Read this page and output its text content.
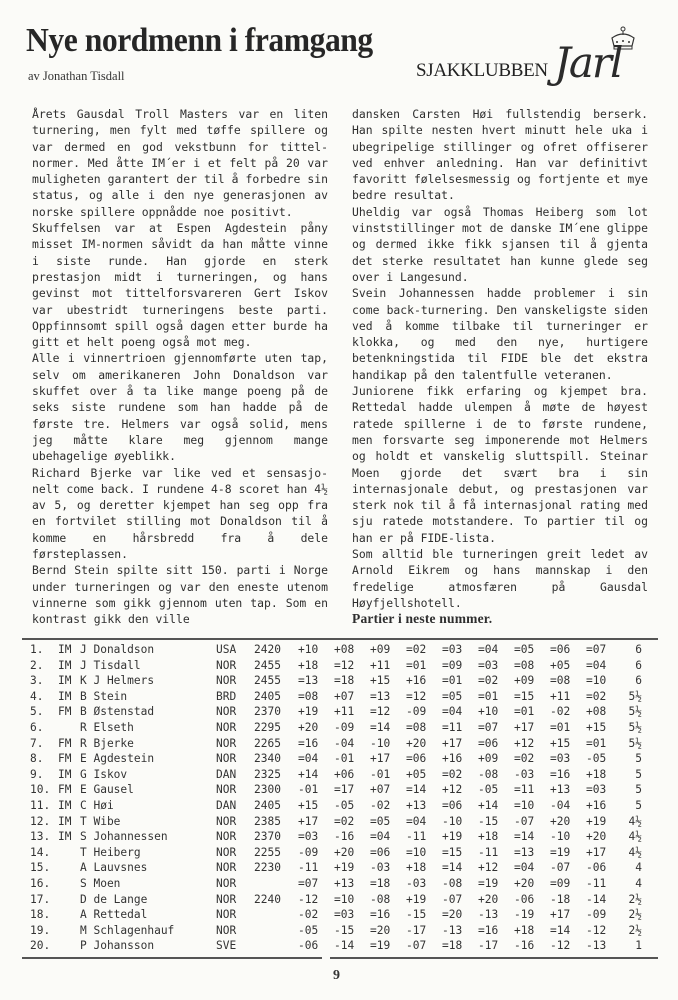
Nye nordmenn i framgang
av Jonathan Tisdall	SJAKKLUBBEN Jarl

Årets Gausdal Troll Masters var en liten turnering, men fylt med tøffe spillere og var dermed en god vekstbunn for tittel-normer. Med åtte IM´er i et felt på 20 var muligheten garantert der til å forbedre sin status, og alle i den nye generasjonen av norske spillere oppnådde noe positivt.

Skuffelsen var at Espen Agdestein påny misset IM-normen såvidt da han måtte vinne i siste runde. Han gjorde en sterk prestasjon midt i turneringen, og hans gevinst mot tittelforsvareren Gert Iskov var ubestridt turneringens beste parti. Oppfinnsomt spill også dagen etter burde ha gitt et helt poeng også mot meg.

Alle i vinnertrioen gjennomførte uten tap, selv om amerikaneren John Donaldson var skuffet over å ta like mange poeng på de seks siste rundene som han hadde på de første tre. Helmers var også solid, mens jeg måtte klare meg gjennom mange ubehagelige øyeblikk.

Richard Bjerke var like ved et sensasjo-nelt come back. I rundene 4-8 scoret han 4½ av 5, og deretter kjempet han seg opp fra en fortvilet stilling mot Donaldson til å komme en hårsbredd fra å dele førsteplassen.

Bernd Stein spilte sitt 150. parti i Norge under turneringen og var den eneste utenom vinnerne som gikk gjennom uten tap. Som en kontrast gikk den ville

dansken Carsten Høi fullstendig berserk. Han spilte nesten hvert minutt hele uka i ubegripelige stillinger og ofret offiserer ved enhver anledning. Han var definitivt favoritt følelsesmessig og fortjente et mye bedre resultat.

Uheldig var også Thomas Heiberg som lot vinststillinger mot de danske IM´ene glippe og dermed ikke fikk sjansen til å gjenta det sterke resultatet han kunne glede seg over i Langesund.

Svein Johannessen hadde problemer i sin come back-turnering. Den vanskeligste siden ved å komme tilbake til turneringer er klokka, og med den nye, hurtigere betenkningstida til FIDE ble det ekstra handikap på den talentfulle veteranen.

Juniorene fikk erfaring og kjempet bra. Rettedal hadde ulempen å møte de høyest ratede spillerne i de to første rundene, men forsvarte seg imponerende mot Helmers og holdt et vanskelig sluttspill. Steinar Moen gjorde det svært bra i sin internasjonale debut, og prestasjonen var sterk nok til å få internasjonal rating med sju ratede motstandere. To partier til og han er på FIDE-lista.

Som alltid ble turneringen greit ledet av Arnold Eikrem og hans mannskap i den fredelige atmosfæren på Gausdal Høyfjellshotell.

Partier i neste nummer.

1.	IM	J Donaldson	USA	2420	+10	+08	+09	=02	=03	=04	=05	=06	=07	6
2.	IM	J Tisdall	NOR	2455	+18	=12	+11	=01	=09	=03	=08	+05	=04	6
3.	IM	K J Helmers	NOR	2455	=13	=18	+15	+16	=01	=02	+09	=08	=10	6
4.	IM	B Stein	BRD	2405	=08	+07	=13	=12	=05	=01	=15	+11	=02	5½
5.	FM	B Østenstad	NOR	2370	+19	+11	=12	-09	=04	+10	=01	-02	+08	5½
6.		R Elseth	NOR	2295	+20	-09	=14	=08	=11	=07	+17	=01	+15	5½
7.	FM	R Bjerke	NOR	2265	=16	-04	-10	+20	+17	=06	+12	+15	=01	5½
8.	FM	E Agdestein	NOR	2340	=04	-01	+17	=06	+16	+09	=02	=03	-05	5
9.	IM	G Iskov	DAN	2325	+14	+06	-01	+05	=02	-08	-03	=16	+18	5
10.	FM	E Gausel	NOR	2300	-01	=17	+07	=14	+12	-05	=11	+13	=03	5
11.	IM	C Høi	DAN	2405	+15	-05	-02	+13	=06	+14	=10	-04	+16	5
12.	IM	T Wibe	NOR	2385	+17	=02	=05	=04	-10	-15	-07	+20	+19	4½
13.	IM	S Johannessen	NOR	2370	=03	-16	=04	-11	+19	+18	=14	-10	+20	4½
14.		T Heiberg	NOR	2255	-09	+20	=06	=10	=15	-11	=13	=19	+17	4½
15.		A Lauvsnes	NOR	2230	-11	+19	-03	+18	=14	+12	=04	-07	-06	4
16.		S Moen	NOR		=07	+13	=18	-03	-08	=19	+20	=09	-11	4
17.		D de Lange	NOR	2240	-12	=10	-08	+19	-07	+20	-06	-18	-14	2½
18.		A Rettedal	NOR		-02	=03	=16	-15	=20	-13	-19	+17	-09	2½
19.		M Schlagenhauf	NOR		-05	-15	=20	-17	-13	=16	+18	=14	-12	2½
20.		P Johansson	SVE		-06	-14	=19	-07	=18	-17	-16	-12	-13	1
9
